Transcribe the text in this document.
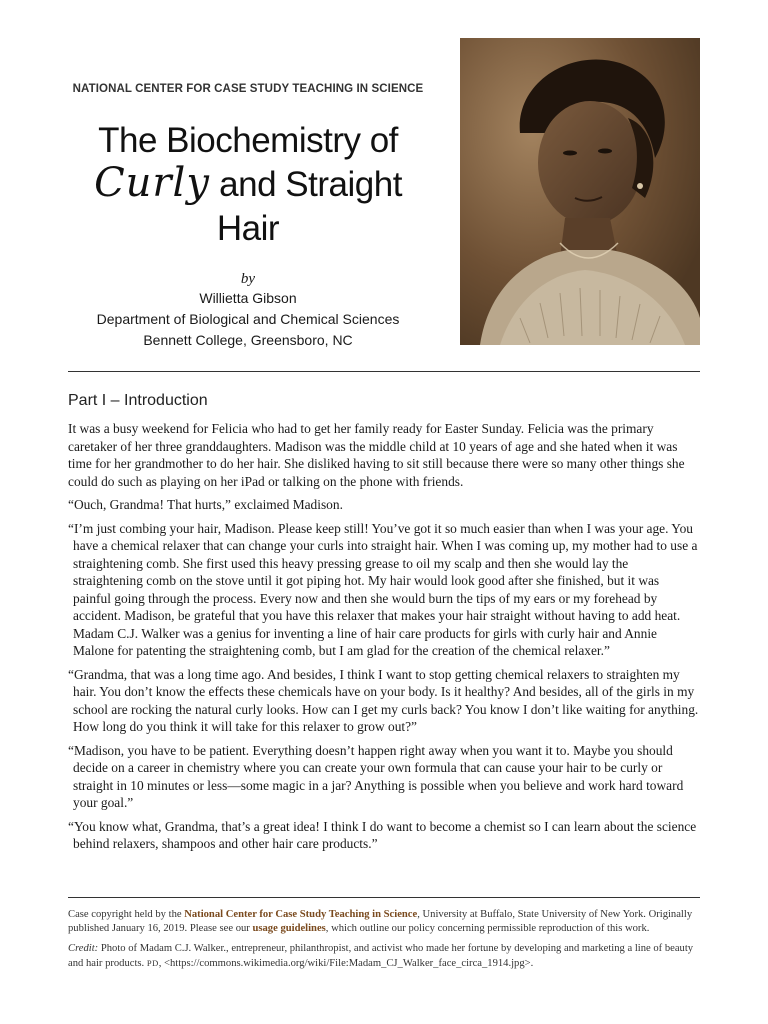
NATIONAL CENTER FOR CASE STUDY TEACHING IN SCIENCE
The Biochemistry of
Curly and Straight Hair
by
Willietta Gibson
Department of Biological and Chemical Sciences
Bennett College, Greensboro, NC
Part I – Introduction

It was a busy weekend for Felicia who had to get her family ready for Easter Sunday. Felicia was the primary caretaker of her three granddaughters. Madison was the middle child at 10 years of age and she hated when it was time for her grandmother to do her hair. She disliked having to sit still because there were so many other things she could do such as playing on her iPad or talking on the phone with friends.

“Ouch, Grandma! That hurts,” exclaimed Madison.

“I’m just combing your hair, Madison. Please keep still! You’ve got it so much easier than when I was your age. You have a chemical relaxer that can change your curls into straight hair. When I was coming up, my mother had to use a straightening comb. She first used this heavy pressing grease to oil my scalp and then she would lay the straightening comb on the stove until it got piping hot. My hair would look good after she finished, but it was painful going through the process. Every now and then she would burn the tips of my ears or my forehead by accident. Madison, be grateful that you have this relaxer that makes your hair straight without having to add heat. Madam C.J. Walker was a genius for inventing a line of hair care products for girls with curly hair and Annie Malone for patenting the straightening comb, but I am glad for the creation of the chemical relaxer.”

“Grandma, that was a long time ago. And besides, I think I want to stop getting chemical relaxers to straighten my hair. You don’t know the effects these chemicals have on your body. Is it healthy? And besides, all of the girls in my school are rocking the natural curly looks. How can I get my curls back? You know I don’t like waiting for anything. How long do you think it will take for this relaxer to grow out?”

“Madison, you have to be patient. Everything doesn’t happen right away when you want it to. Maybe you should decide on a career in chemistry where you can create your own formula that can cause your hair to be curly or straight in 10 minutes or less—some magic in a jar? Anything is possible when you believe and work hard toward your goal.”

“You know what, Grandma, that’s a great idea! I think I do want to become a chemist so I can learn about the science behind relaxers, shampoos and other hair care products.”

Case copyright held by the National Center for Case Study Teaching in Science, University at Buffalo, State University of New York. Originally published January 16, 2019. Please see our usage guidelines, which outline our policy concerning permissible reproduction of this work.

Credit: Photo of Madam C.J. Walker., entrepreneur, philanthropist, and activist who made her fortune by developing and marketing a line of beauty and hair products. PD, <https://commons.wikimedia.org/wiki/File:Madam_CJ_Walker_face_circa_1914.jpg>.
